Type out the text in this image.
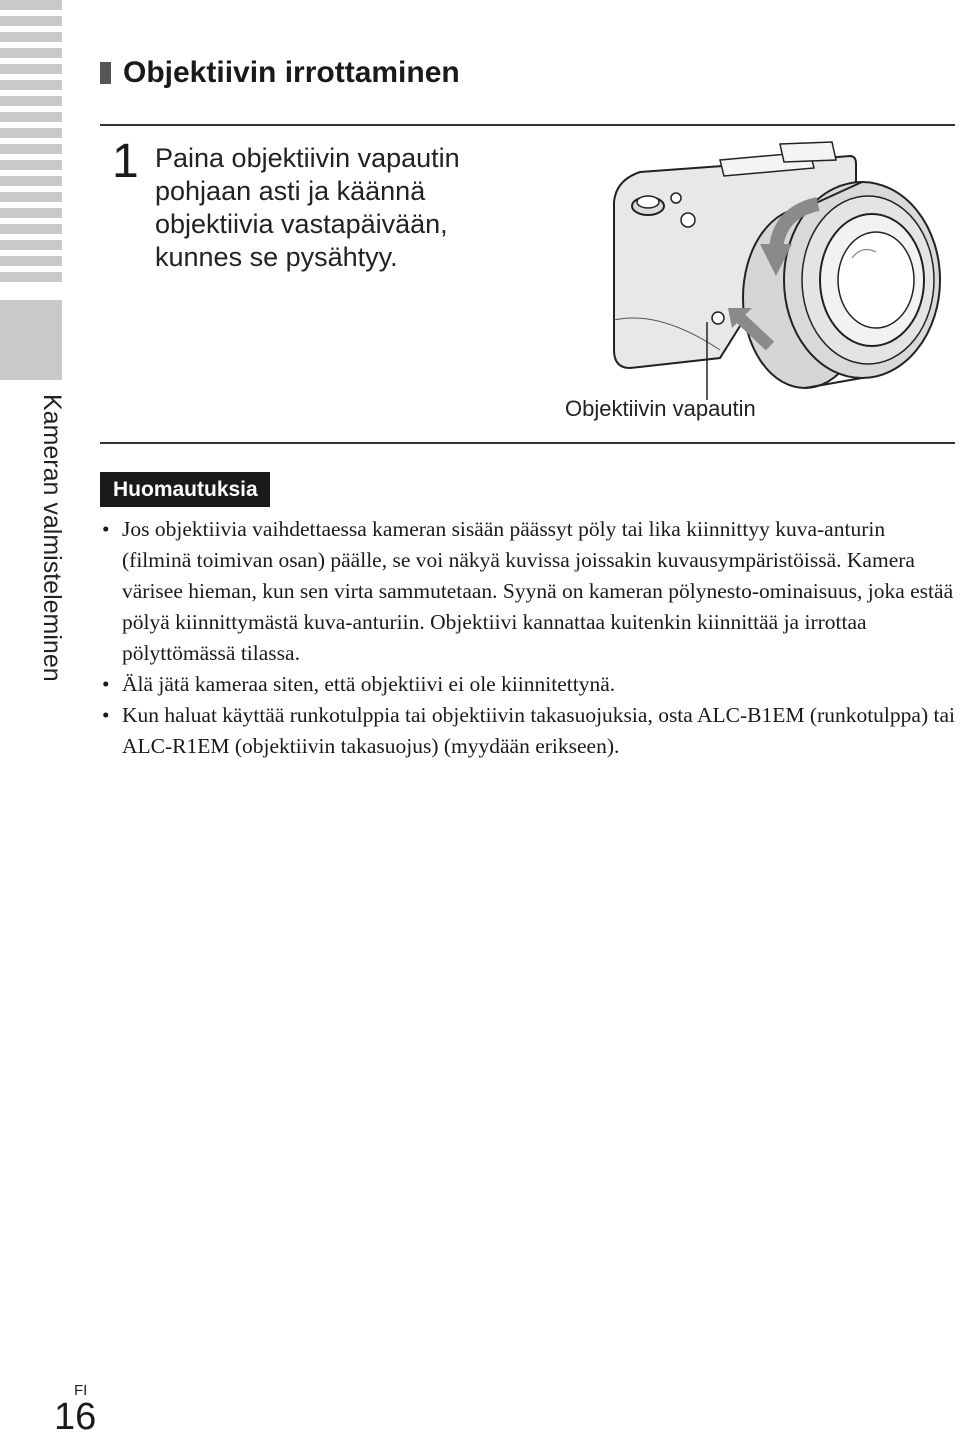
Kameran valmisteleminen
Objektiivin irrottaminen
1 Paina objektiivin vapautin
pohjaan asti ja käännä
objektiivia vastapäivään,
kunnes se pysähtyy.
Objektiivin vapautin
Huomautuksia
• Jos objektiivia vaihdettaessa kameran sisään päässyt pöly tai lika kiinnittyy kuva-anturin (filminä toimivan osan) päälle, se voi näkyä kuvissa joissakin kuvausympäristöissä. Kamera värisee hieman, kun sen virta sammutetaan. Syynä on kameran pölynesto-ominaisuus, joka estää pölyä kiinnittymästä kuva-anturiin. Objektiivi kannattaa kuitenkin kiinnittää ja irrottaa pölyttömässä tilassa.
• Älä jätä kameraa siten, että objektiivi ei ole kiinnitettynä.
• Kun haluat käyttää runkotulppia tai objektiivin takasuojuksia, osta ALC-B1EM (runkotulppa) tai ALC-R1EM (objektiivin takasuojus) (myydään erikseen).
FI
16
